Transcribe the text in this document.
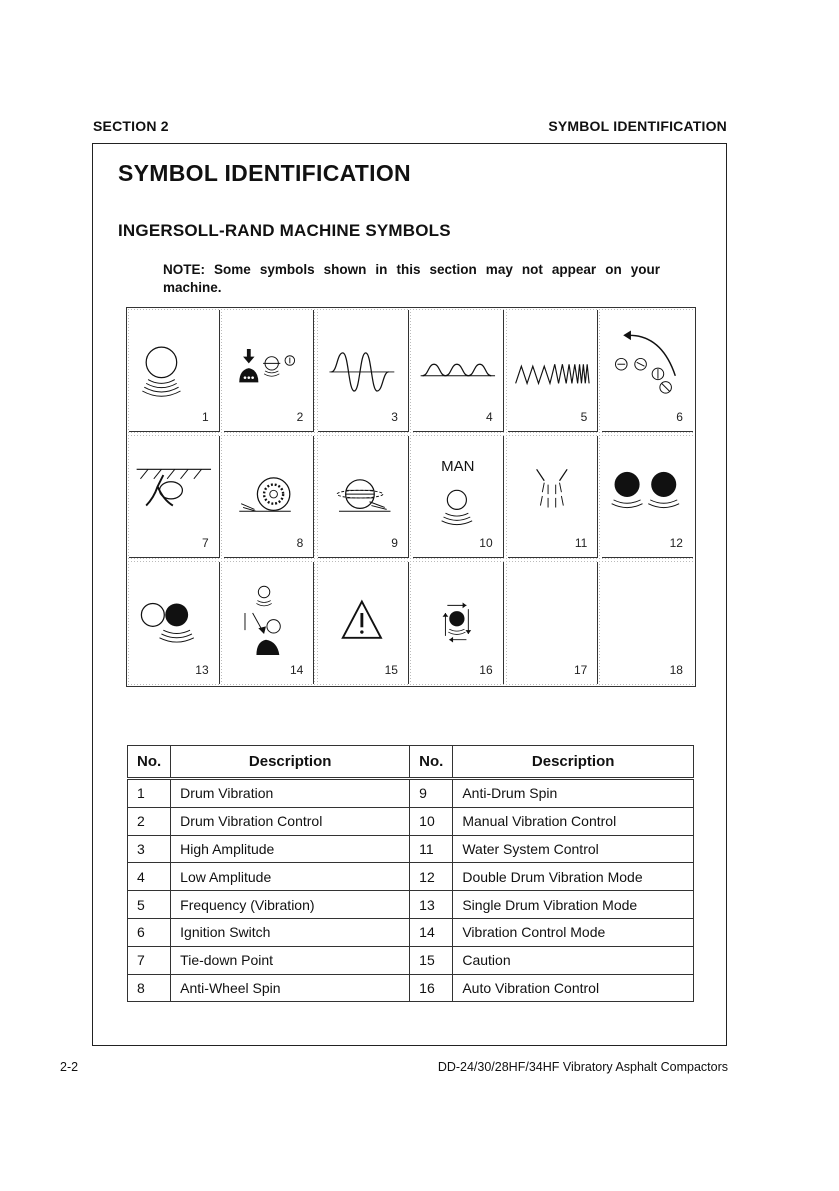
SECTION 2	SYMBOL IDENTIFICATION
SYMBOL IDENTIFICATION
INGERSOLL-RAND MACHINE SYMBOLS
NOTE: Some symbols shown in this section may not appear on your machine.
1	2	3	4	5	6
7	8	9
MAN
10	11	12
13	14	15	16	17	18
No.	Description	No.	Description
1	Drum Vibration	9	Anti-Drum Spin
2	Drum Vibration Control	10	Manual Vibration Control
3	High Amplitude	11	Water System Control
4	Low Amplitude	12	Double Drum Vibration Mode
5	Frequency (Vibration)	13	Single Drum Vibration Mode
6	Ignition Switch	14	Vibration Control Mode
7	Tie-down Point	15	Caution
8	Anti-Wheel Spin	16	Auto Vibration Control
2-2	DD-24/30/28HF/34HF Vibratory Asphalt Compactors
